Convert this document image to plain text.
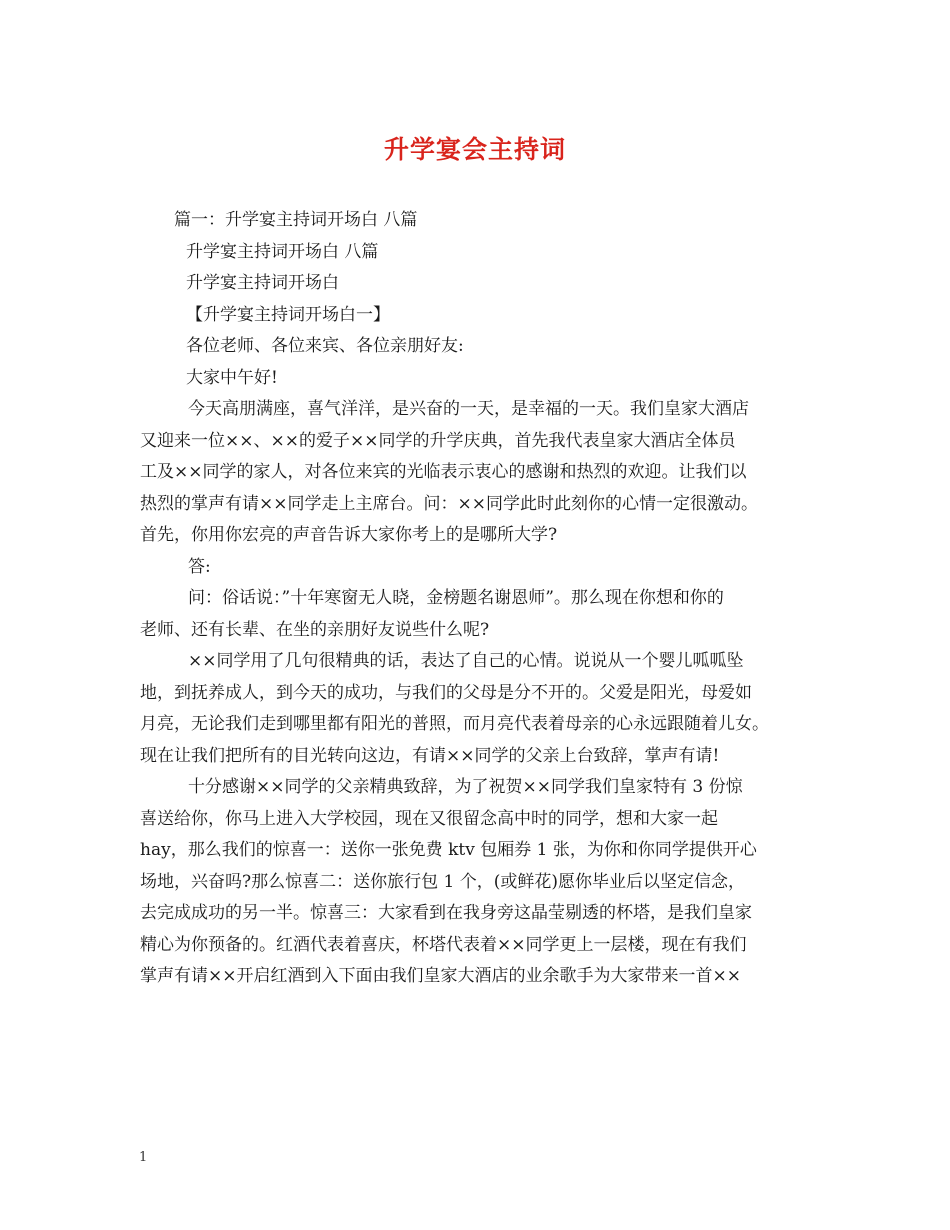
升学宴会主持词
篇一：升学宴主持词开场白 八篇
升学宴主持词开场白 八篇
升学宴主持词开场白
【升学宴主持词开场白一】
各位老师、各位来宾、各位亲朋好友:
大家中午好!
今天高朋满座，喜气洋洋，是兴奋的一天，是幸福的一天。我们皇家大酒店
又迎来一位××、××的爱子××同学的升学庆典，首先我代表皇家大酒店全体员
工及××同学的家人，对各位来宾的光临表示衷心的感谢和热烈的欢迎。让我们以
热烈的掌声有请××同学走上主席台。问：××同学此时此刻你的心情一定很激动。
首先，你用你宏亮的声音告诉大家你考上的是哪所大学?
答:
问：俗话说：”十年寒窗无人晓，金榜题名谢恩师”。那么现在你想和你的
老师、还有长辈、在坐的亲朋好友说些什么呢?
××同学用了几句很精典的话，表达了自己的心情。说说从一个婴儿呱呱坠
地，到抚养成人，到今天的成功，与我们的父母是分不开的。父爱是阳光，母爱如
月亮，无论我们走到哪里都有阳光的普照，而月亮代表着母亲的心永远跟随着儿女。
现在让我们把所有的目光转向这边，有请××同学的父亲上台致辞，掌声有请!
十分感谢××同学的父亲精典致辞，为了祝贺××同学我们皇家特有 3 份惊
喜送给你，你马上进入大学校园，现在又很留念高中时的同学，想和大家一起
hay，那么我们的惊喜一：送你一张免费 ktv 包厢券 1 张，为你和你同学提供开心
场地，兴奋吗?那么惊喜二：送你旅行包 1 个，(或鲜花)愿你毕业后以坚定信念，
去完成成功的另一半。惊喜三：大家看到在我身旁这晶莹剔透的杯塔，是我们皇家
精心为你预备的。红酒代表着喜庆，杯塔代表着××同学更上一层楼，现在有我们
掌声有请××开启红酒到入下面由我们皇家大酒店的业余歌手为大家带来一首××
1
